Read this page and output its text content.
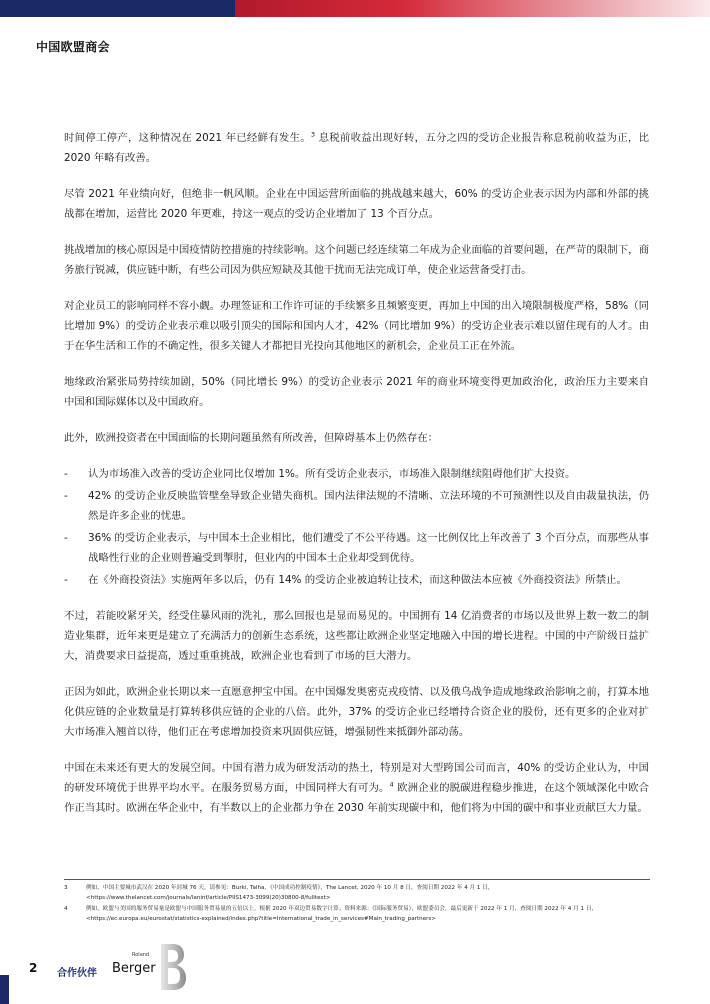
中国欧盟商会

时间停工停产，这种情况在 2021 年已经鲜有发生。$^3$ 息税前收益出现好转，五分之四的受访企业报告称息税前收益为正，比 2020 年略有改善。

尽管 2021 年业绩向好，但绝非一帆风顺。企业在中国运营所面临的挑战越来越大，60% 的受访企业表示因为内部和外部的挑战都在增加，运营比 2020 年更难，持这一观点的受访企业增加了 13 个百分点。

挑战增加的核心原因是中国疫情防控措施的持续影响。这个问题已经连续第二年成为企业面临的首要问题，在严苛的限制下，商务旅行锐减，供应链中断，有些公司因为供应短缺及其他干扰而无法完成订单，使企业运营备受打击。

对企业员工的影响同样不容小觑。办理签证和工作许可证的手续繁多且频繁变更，再加上中国的出入境限制极度严格，58%（同比增加 9%）的受访企业表示难以吸引顶尖的国际和国内人才，42%（同比增加 9%）的受访企业表示难以留住现有的人才。由于在华生活和工作的不确定性，很多关键人才都把目光投向其他地区的新机会，企业员工正在外流。

地缘政治紧张局势持续加剧，50%（同比增长 9%）的受访企业表示 2021 年的商业环境变得更加政治化，政治压力主要来自中国和国际媒体以及中国政府。

此外，欧洲投资者在中国面临的长期问题虽然有所改善，但障碍基本上仍然存在：

- 认为市场准入改善的受访企业同比仅增加 1%。所有受访企业表示，市场准入限制继续阻碍他们扩大投资。
- 42% 的受访企业反映监管壁垒导致企业错失商机。国内法律法规的不清晰、立法环境的不可预测性以及自由裁量执法，仍然是许多企业的忧患。
- 36% 的受访企业表示，与中国本土企业相比，他们遭受了不公平待遇。这一比例仅比上年改善了 3 个百分点，而那些从事战略性行业的企业则普遍受到掣肘，但业内的中国本土企业却受到优待。
- 在《外商投资法》实施两年多以后，仍有 14% 的受访企业被迫转让技术，而这种做法本应被《外商投资法》所禁止。

不过，若能咬紧牙关，经受住暴风雨的洗礼，那么回报也是显而易见的。中国拥有 14 亿消费者的市场以及世界上数一数二的制造业集群，近年来更是建立了充满活力的创新生态系统，这些都让欧洲企业坚定地融入中国的增长进程。中国的中产阶级日益扩大，消费要求日益提高，透过重重挑战，欧洲企业也看到了市场的巨大潜力。

正因为如此，欧洲企业长期以来一直愿意押宝中国。在中国爆发奥密克戎疫情、以及俄乌战争造成地缘政治影响之前，打算本地化供应链的企业数量是打算转移供应链的企业的八倍。此外，37% 的受访企业已经增持合资企业的股份，还有更多的企业对扩大市场准入翘首以待，他们正在考虑增加投资来巩固供应链，增强韧性来抵御外部动荡。

中国在未来还有更大的发展空间。中国有潜力成为研发活动的热土，特别是对大型跨国公司而言，40% 的受访企业认为，中国的研发环境优于世界平均水平。在服务贸易方面，中国同样大有可为。$^4$ 欧洲企业的脱碳进程稳步推进，在这个领域深化中欧合作正当其时。欧洲在华企业中，有半数以上的企业都力争在 2030 年前实现碳中和，他们将为中国的碳中和事业贡献巨大力量。

3	例如，中国主要城市武汉在 2020 年封城 76 天，请参见：Burki, Talha，《中国成功控制疫情》，The Lancet, 2020 年 10 月 8 日，查阅日期 2022 年 4 月 1 日，<https://www.thelancet.com/journals/laninf/article/PIIS1473-3099(20)30800-8/fulltext>
4	例如，欧盟与美国的服务贸易量是欧盟与中国服务贸易量的五倍以上。根据 2020 年双边贸易数字计算；资料来源：《国际服务贸易》，欧盟委员会，最后更新于 2022 年 1 月，查阅日期 2022 年 4 月 1 日，<https://ec.europa.eu/eurostat/statistics-explained/index.php?title=International_trade_in_services#Main_trading_partners>
2 合作伙伴
Roland
Berger
